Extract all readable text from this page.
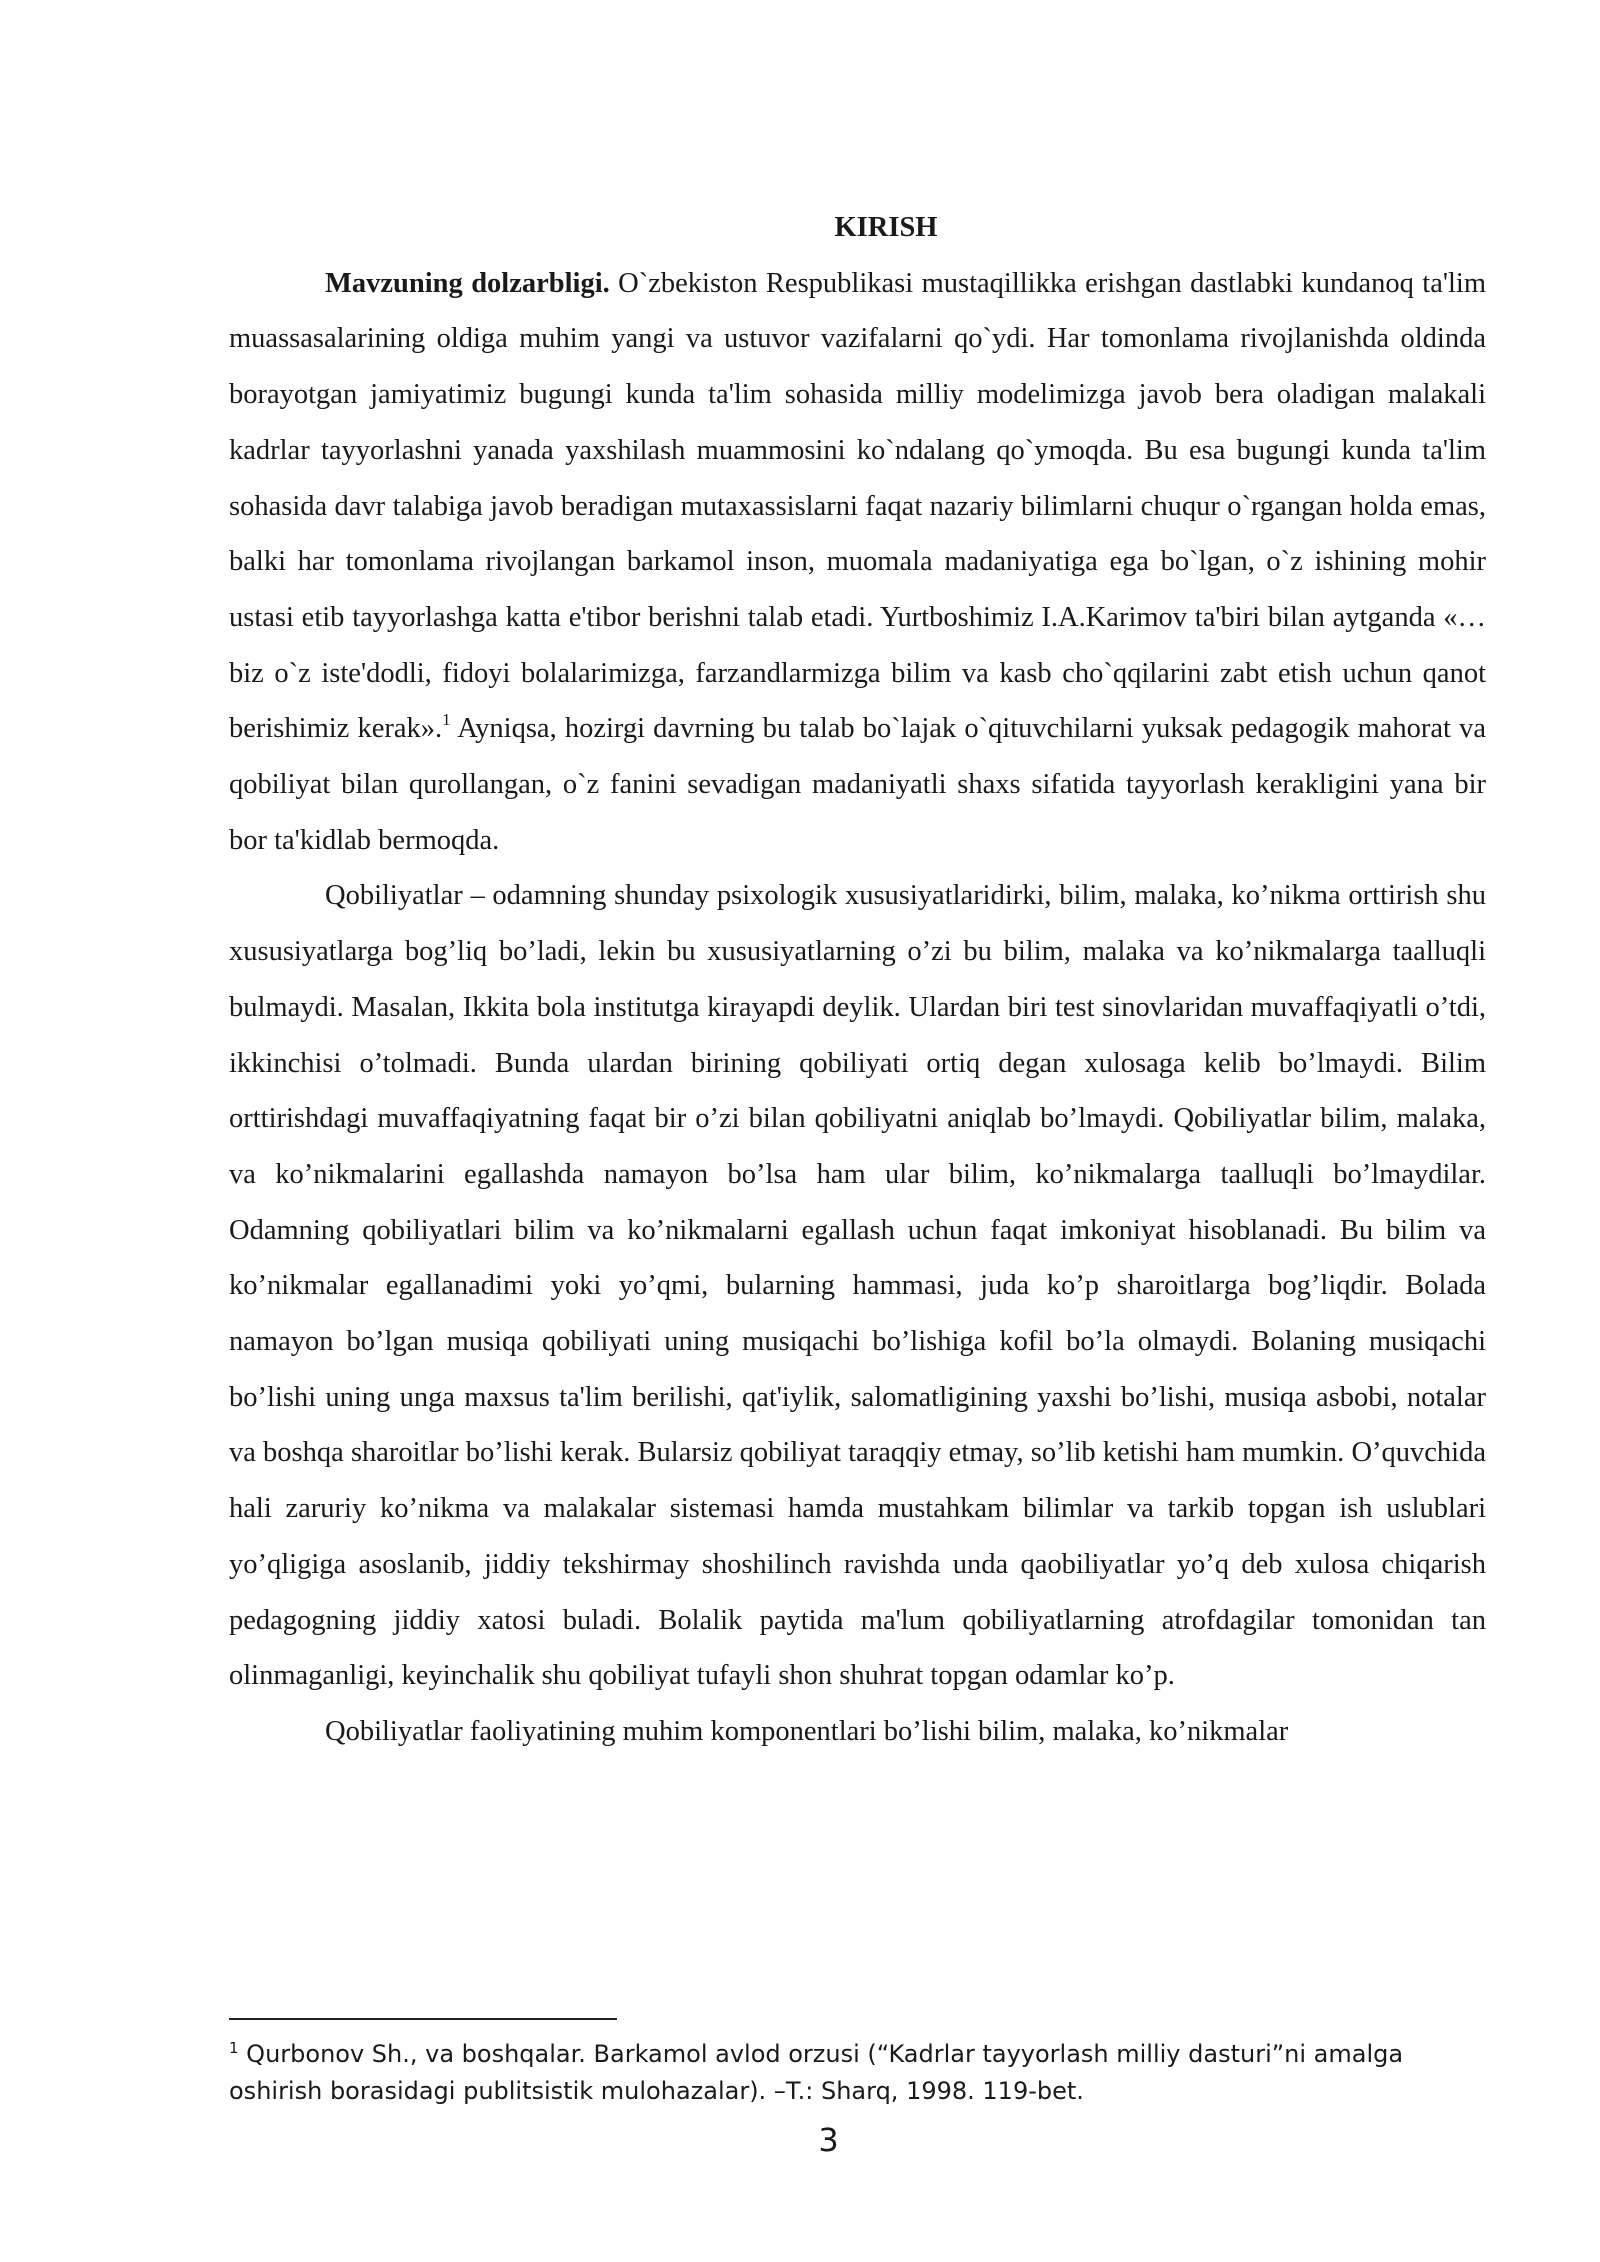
KIRISH

Mavzuning dolzarbligi. O`zbekiston Respublikasi mustaqillikka erishgan dastlabki kundanoq ta'lim muassasalarining oldiga muhim yangi va ustuvor vazifalarni qo`ydi. Har tomonlama rivojlanishda oldinda borayotgan jamiyatimiz bugungi kunda ta'lim sohasida milliy modelimizga javob bera oladigan malakali kadrlar tayyorlashni yanada yaxshilash muammosini ko`ndalang qo`ymoqda. Bu esa bugungi kunda ta'lim sohasida davr talabiga javob beradigan mutaxassislarni faqat nazariy bilimlarni chuqur o`rgangan holda emas, balki har tomonlama rivojlangan barkamol inson, muomala madaniyatiga ega bo`lgan, o`z ishining mohir ustasi etib tayyorlashga katta e'tibor berishni talab etadi. Yurtboshimiz I.A.Karimov ta'biri bilan aytganda «…biz o`z iste'dodli, fidoyi bolalarimizga, farzandlarmizga bilim va kasb cho`qqilarini zabt etish uchun qanot berishimiz kerak».$^1$ Ayniqsa, hozirgi davrning bu talab bo`lajak o`qituvchilarni yuksak pedagogik mahorat va qobiliyat bilan qurollangan, o`z fanini sevadigan madaniyatli shaxs sifatida tayyorlash kerakligini yana bir bor ta'kidlab bermoqda.

Qobiliyatlar – odamning shunday psixologik xususiyatlaridirki, bilim, malaka, ko’nikma orttirish shu xususiyatlarga bog’liq bo’ladi, lekin bu xususiyatlarning o’zi bu bilim, malaka va ko’nikmalarga taalluqli bulmaydi. Masalan, Ikkita bola institutga kirayapdi deylik. Ulardan biri test sinovlaridan muvaffaqiyatli o’tdi, ikkinchisi o’tolmadi. Bunda ulardan birining qobiliyati ortiq degan xulosaga kelib bo’lmaydi. Bilim orttirishdagi muvaffaqiyatning faqat bir o’zi bilan qobiliyatni aniqlab bo’lmaydi. Qobiliyatlar bilim, malaka, va ko’nikmalarini egallashda namayon bo’lsa ham ular bilim, ko’nikmalarga taalluqli bo’lmaydilar. Odamning qobiliyatlari bilim va ko’nikmalarni egallash uchun faqat imkoniyat hisoblanadi. Bu bilim va ko’nikmalar egallanadimi yoki yo’qmi, bularning hammasi, juda ko’p sharoitlarga bog’liqdir. Bolada namayon bo’lgan musiqa qobiliyati uning musiqachi bo’lishiga kofil bo’la olmaydi. Bolaning musiqachi bo’lishi uning unga maxsus ta'lim berilishi, qat'iylik, salomatligining yaxshi bo’lishi, musiqa asbobi, notalar va boshqa sharoitlar bo’lishi kerak. Bularsiz qobiliyat taraqqiy etmay, so’lib ketishi ham mumkin. O’quvchida hali zaruriy ko’nikma va malakalar sistemasi hamda mustahkam bilimlar va tarkib topgan ish uslublari yo’qligiga asoslanib, jiddiy tekshirmay shoshilinch ravishda unda qaobiliyatlar yo’q deb xulosa chiqarish pedagogning jiddiy xatosi buladi. Bolalik paytida ma'lum qobiliyatlarning atrofdagilar tomonidan tan olinmaganligi, keyinchalik shu qobiliyat tufayli shon shuhrat topgan odamlar ko’p.

Qobiliyatlar faoliyatining muhim komponentlari bo’lishi bilim, malaka, ko’nikmalar

$^1$ Qurbonov Sh., va boshqalar. Barkamol avlod orzusi (“Kadrlar tayyorlash milliy dasturi”ni amalga oshirish borasidagi publitsistik mulohazalar). –T.: Sharq, 1998. 119-bet.

3
